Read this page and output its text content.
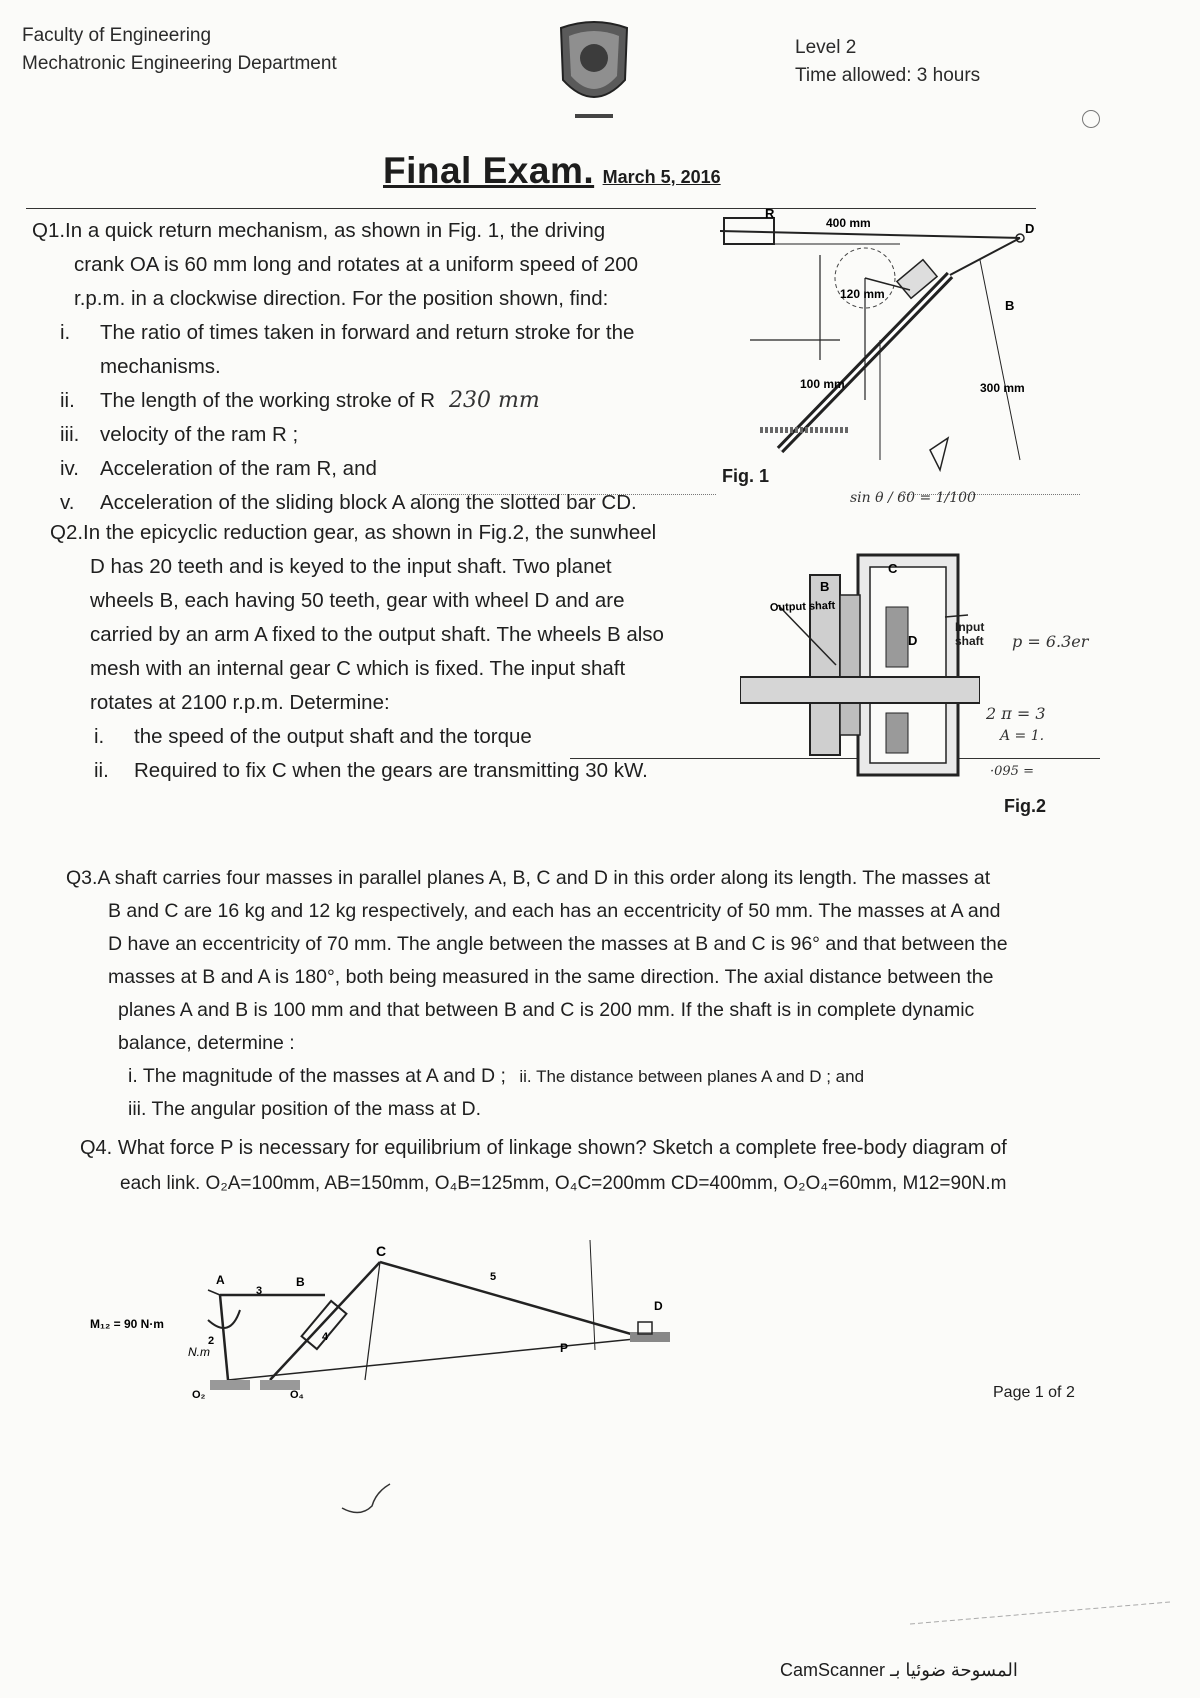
Faculty of Engineering
Mechatronic Engineering Department
Level 2
Time allowed: 3 hours
Final Exam. March 5, 2016

Q1.In a quick return mechanism, as shown in Fig. 1, the driving

crank OA is 60 mm long and rotates at a uniform speed of 200

r.p.m. in a clockwise direction. For the position shown, find:

i.	The ratio of times taken in forward and return stroke for the
mechanisms.
ii.	The length of the working stroke of R 230 mm
iii.	velocity of the ram R ;
iv.	Acceleration of the ram R, and
v.	Acceleration of the sliding block A along the slotted bar CD.
Fig. 1
R
D
B
400 mm
120 mm
100 mm	300 mm
sin θ / 60 = 1/100

Q2.In the epicyclic reduction gear, as shown in Fig.2, the sunwheel

D has 20 teeth and is keyed to the input shaft. Two planet

wheels B, each having 50 teeth, gear with wheel D and are

carried by an arm A fixed to the output shaft. The wheels B also

mesh with an internal gear C which is fixed. The input shaft

rotates at 2100 r.p.m. Determine:

i.	the speed of the output shaft and the torque
ii.	Required to fix C when the gears are transmitting 30 kW.
Output shaft
D
C
B
Input shaft	p = 6.3er
2 π = 3
A = 1.
·095 =
Fig.2

Q3.A shaft carries four masses in parallel planes A, B, C and D in this order along its length. The masses at

B and C are 16 kg and 12 kg respectively, and each has an eccentricity of 50 mm. The masses at A and

D have an eccentricity of 70 mm. The angle between the masses at B and C is 96° and that between the

masses at B and A is 180°, both being measured in the same direction. The axial distance between the

planes A and B is 100 mm and that between B and C is 200 mm. If the shaft is in complete dynamic

balance, determine :

i. The magnitude of the masses at A and D ; ii. The distance between planes A and D ; and

iii. The angular position of the mass at D.

Q4. What force P is necessary for equilibrium of linkage shown? Sketch a complete free-body diagram of

each link. O₂A=100mm, AB=150mm, O₄B=125mm, O₄C=200mm CD=400mm, O₂O₄=60mm, M12=90N.m

M₁₂ = 90 N·m
N.m
C
B
A
D
P
O₂	O₄
5
4
3
2
Page 1 of 2
CamScanner المسوحة ضوئيا بـ
